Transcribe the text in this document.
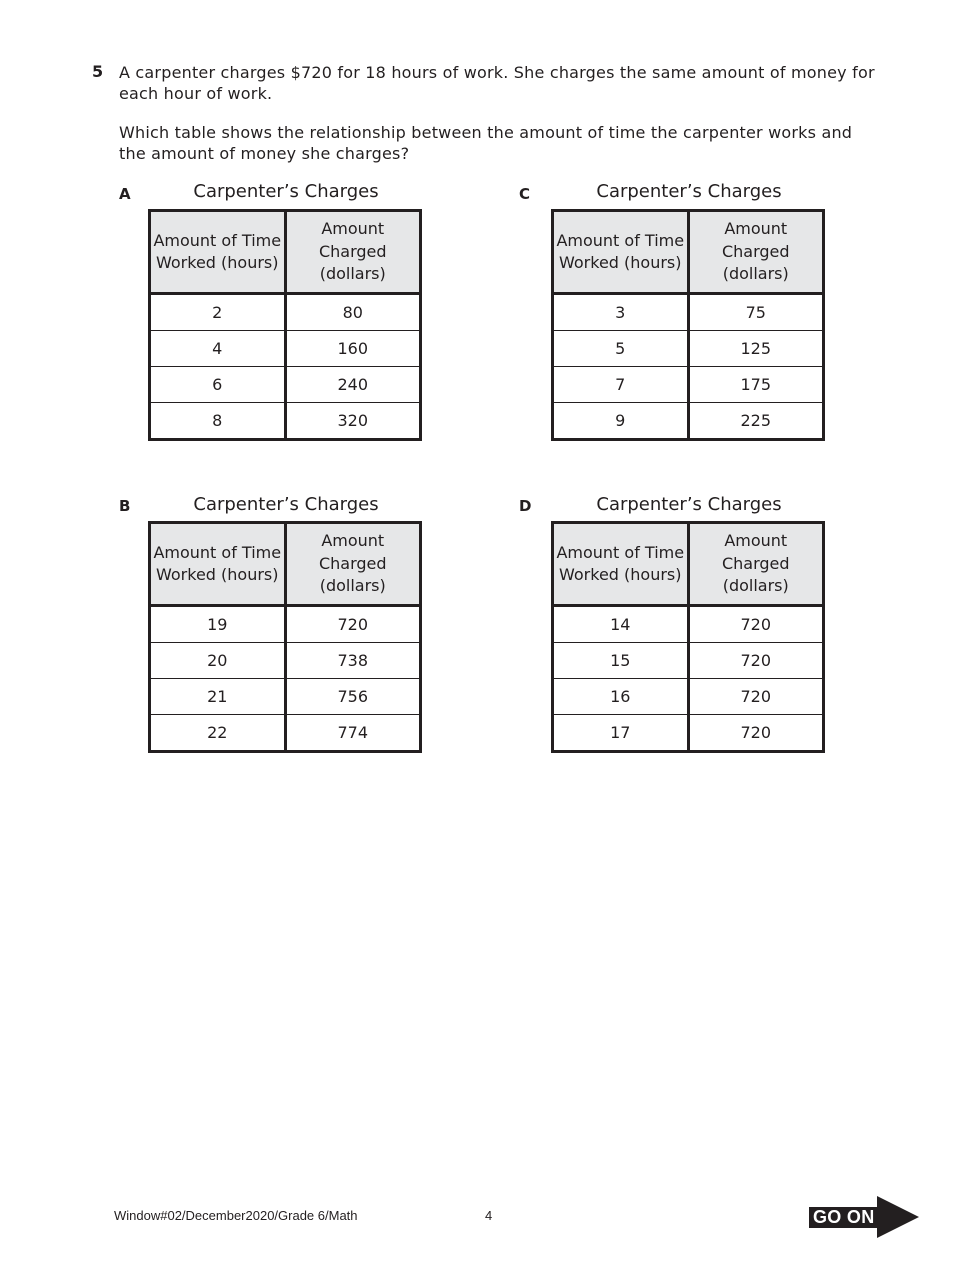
5 A carpenter charges $720 for 18 hours of work. She charges the same amount of money for each hour of work.
Which table shows the relationship between the amount of time the carpenter works and the amount of money she charges?
A	Carpenter’s Charges
Amount of Time Worked (hours)	Amount Charged (dollars)
2	80
4	160
6	240
8	320
C	Carpenter’s Charges
Amount of Time Worked (hours)	Amount Charged (dollars)
3	75
5	125
7	175
9	225
B	Carpenter’s Charges
Amount of Time Worked (hours)	Amount Charged (dollars)
19	720
20	738
21	756
22	774
D	Carpenter’s Charges
Amount of Time Worked (hours)	Amount Charged (dollars)
14	720
15	720
16	720
17	720
Window#02/December2020/Grade 6/Math	4	GO ON
